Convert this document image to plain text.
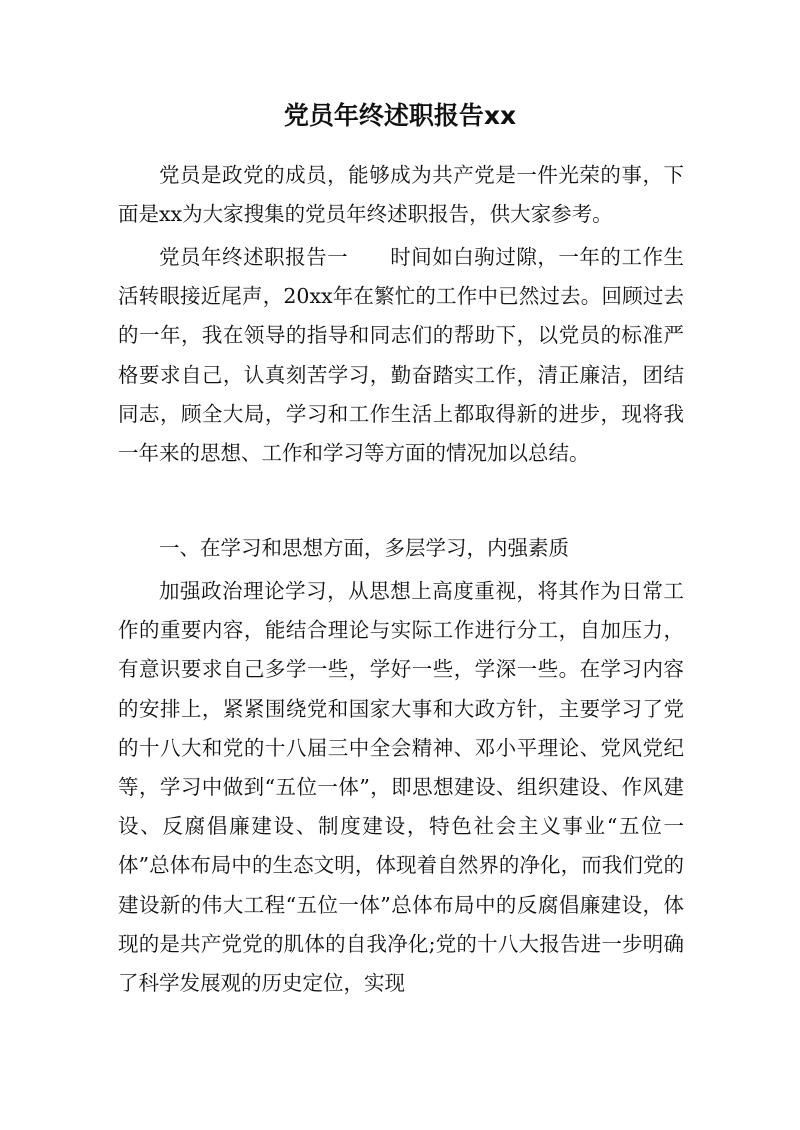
党员年终述职报告xx

党员是政党的成员，能够成为共产党是一件光荣的事，下面是xx为大家搜集的党员年终述职报告，供大家参考。

党员年终述职报告一　　时间如白驹过隙，一年的工作生活转眼接近尾声，20xx年在繁忙的工作中已然过去。回顾过去的一年，我在领导的指导和同志们的帮助下，以党员的标准严格要求自己，认真刻苦学习，勤奋踏实工作，清正廉洁，团结同志，顾全大局，学习和工作生活上都取得新的进步，现将我一年来的思想、工作和学习等方面的情况加以总结。

一、在学习和思想方面，多层学习，内强素质

加强政治理论学习，从思想上高度重视，将其作为日常工作的重要内容，能结合理论与实际工作进行分工，自加压力，有意识要求自己多学一些，学好一些，学深一些。在学习内容的安排上，紧紧围绕党和国家大事和大政方针，主要学习了党的十八大和党的十八届三中全会精神、邓小平理论、党风党纪等，学习中做到“五位一体”，即思想建设、组织建设、作风建设、反腐倡廉建设、制度建设，特色社会主义事业“五位一体”总体布局中的生态文明，体现着自然界的净化，而我们党的建设新的伟大工程“五位一体”总体布局中的反腐倡廉建设，体现的是共产党党的肌体的自我净化;党的十八大报告进一步明确了科学发展观的历史定位，实现
